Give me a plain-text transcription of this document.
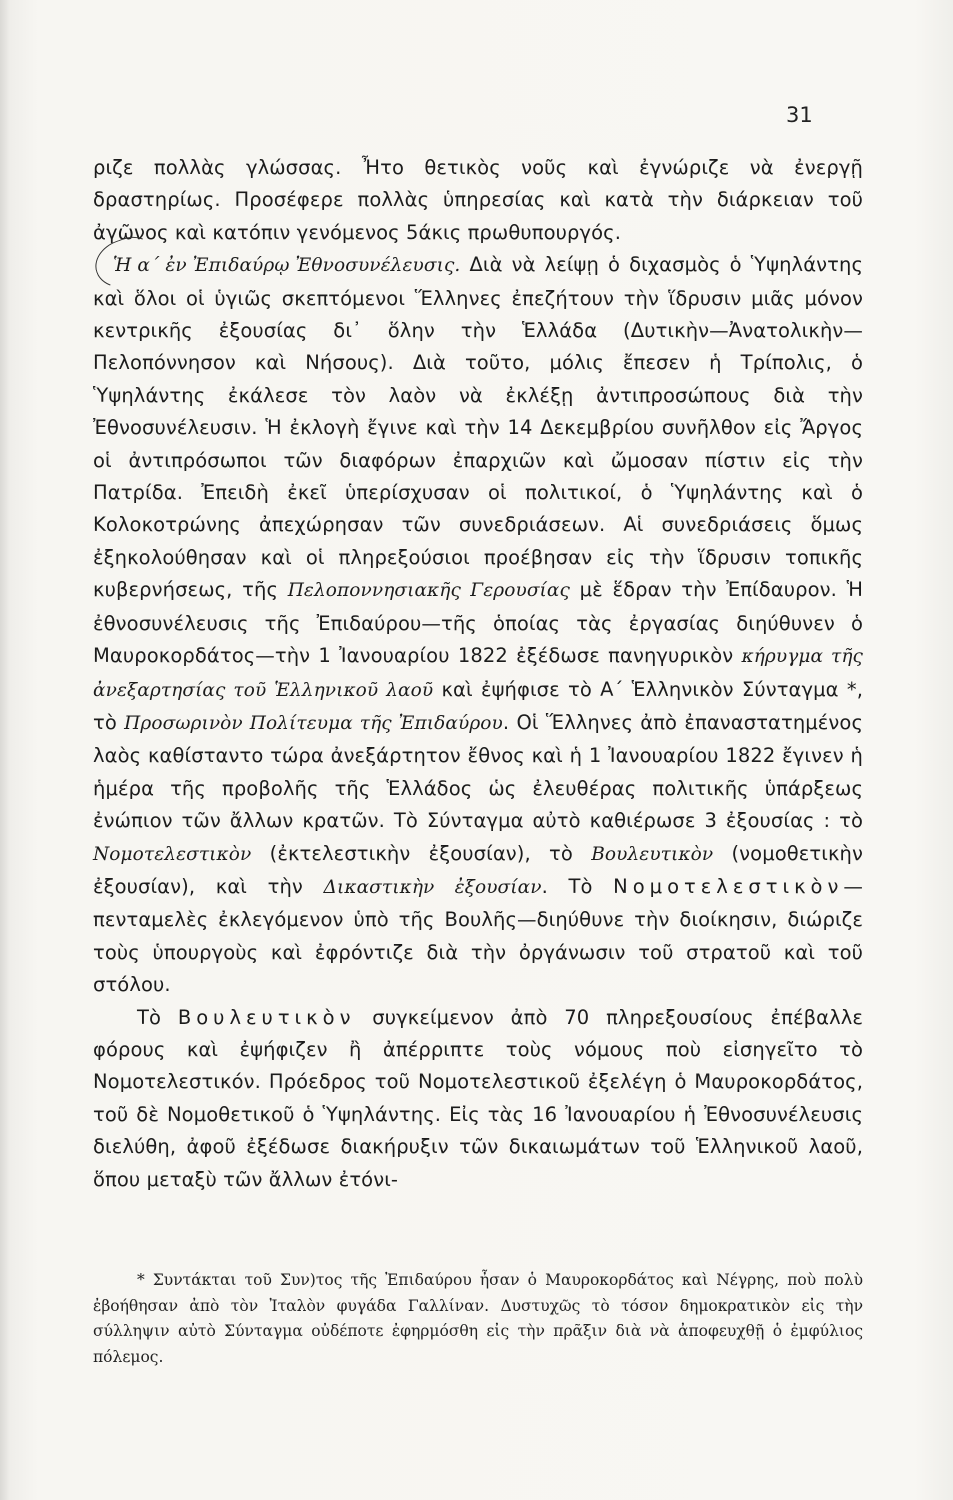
31

ριζε πολλὰς γλώσσας. Ἦτο θετικὸς νοῦς καὶ ἐγνώριζε νὰ ἐνεργῇ δραστηρίως. Προσέφερε πολλὰς ὑπηρεσίας καὶ κατὰ τὴν διάρκειαν τοῦ ἀγῶνος καὶ κατόπιν γενόμενος 5άκις πρωθυπουργός.

Ἡ α΄ ἐν Ἐπιδαύρῳ Ἐθνοσυνέλευσις. Διὰ νὰ λείψῃ ὁ διχασμὸς ὁ Ὑψηλάντης καὶ ὅλοι οἱ ὑγιῶς σκεπτόμενοι Ἕλληνες ἐπεζήτουν τὴν ἵδρυσιν μιᾶς μόνον κεντρικῆς ἐξουσίας δι᾽ ὅλην τὴν Ἑλλάδα (Δυτικὴν—Ἀνατολικὴν—Πελοπόννησον καὶ Νήσους). Διὰ τοῦτο, μόλις ἔπεσεν ἡ Τρίπολις, ὁ Ὑψηλάντης ἐκάλεσε τὸν λαὸν νὰ ἐκλέξῃ ἀντιπροσώπους διὰ τὴν Ἐθνοσυνέλευσιν. Ἡ ἐκλογὴ ἔγινε καὶ τὴν 14 Δεκεμβρίου συνῆλθον εἰς Ἄργος οἱ ἀντιπρόσωποι τῶν διαφόρων ἐπαρχιῶν καὶ ὤμοσαν πίστιν εἰς τὴν Πατρίδα. Ἐπειδὴ ἐκεῖ ὑπερίσχυσαν οἱ πολιτικοί, ὁ Ὑψηλάντης καὶ ὁ Κολοκοτρώνης ἀπεχώρησαν τῶν συνεδριάσεων. Αἱ συνεδριάσεις ὅμως ἐξηκολούθησαν καὶ οἱ πληρεξούσιοι προέβησαν εἰς τὴν ἵδρυσιν τοπικῆς κυβερνήσεως, τῆς Πελοποννησιακῆς Γερουσίας μὲ ἕδραν τὴν Ἐπίδαυρον. Ἡ ἐθνοσυνέλευσις τῆς Ἐπιδαύρου—τῆς ὁποίας τὰς ἐργασίας διηύθυνεν ὁ Μαυροκορδάτος—τὴν 1 Ἰανουαρίου 1822 ἐξέδωσε πανηγυρικὸν κήρυγμα τῆς ἀνεξαρτησίας τοῦ Ἑλληνικοῦ λαοῦ καὶ ἐψήφισε τὸ Α΄ Ἑλληνικὸν Σύνταγμα *, τὸ Προσωρινὸν Πολίτευμα τῆς Ἐπιδαύρου. Οἱ Ἕλληνες ἀπὸ ἐπαναστατημένος λαὸς καθίσταντο τώρα ἀνεξάρτητον ἔθνος καὶ ἡ 1 Ἰανουαρίου 1822 ἔγινεν ἡ ἡμέρα τῆς προβολῆς τῆς Ἑλλάδος ὡς ἐλευθέρας πολιτικῆς ὑπάρξεως ἐνώπιον τῶν ἄλλων κρατῶν. Τὸ Σύνταγμα αὐτὸ καθιέρωσε 3 ἐξουσίας : τὸ Νομοτελεστικὸν (ἐκτελεστικὴν ἐξουσίαν), τὸ Βουλευτικὸν (νομοθετικὴν ἐξουσίαν), καὶ τὴν Δικαστικὴν ἐξουσίαν. Τὸ Νομοτελεστικὸν—πενταμελὲς ἐκλεγόμενον ὑπὸ τῆς Βουλῆς—διηύθυνε τὴν διοίκησιν, διώριζε τοὺς ὑπουργοὺς καὶ ἐφρόντιζε διὰ τὴν ὀργάνωσιν τοῦ στρατοῦ καὶ τοῦ στόλου.

Τὸ Βουλευτικὸν συγκείμενον ἀπὸ 70 πληρεξουσίους ἐπέβαλλε φόρους καὶ ἐψήφιζεν ἢ ἀπέρριπτε τοὺς νόμους ποὺ εἰσηγεῖτο τὸ Νομοτελεστικόν. Πρόεδρος τοῦ Νομοτελεστικοῦ ἐξελέγη ὁ Μαυροκορδάτος, τοῦ δὲ Νομοθετικοῦ ὁ Ὑψηλάντης. Εἰς τὰς 16 Ἰανουαρίου ἡ Ἐθνοσυνέλευσις διελύθη, ἀφοῦ ἐξέδωσε διακήρυξιν τῶν δικαιωμάτων τοῦ Ἑλληνικοῦ λαοῦ, ὅπου μεταξὺ τῶν ἄλλων ἐτόνι-

* Συντάκται τοῦ Συν)τος τῆς Ἐπιδαύρου ἦσαν ὁ Μαυροκορδάτος καὶ Νέγρης, ποὺ πολὺ ἐβοήθησαν ἀπὸ τὸν Ἰταλὸν φυγάδα Γαλλίναν. Δυστυχῶς τὸ τόσον δημοκρατικὸν εἰς τὴν σύλληψιν αὐτὸ Σύνταγμα οὐδέποτε ἐφηρμόσθη εἰς τὴν πρᾶξιν διὰ νὰ ἀποφευχθῇ ὁ ἐμφύλιος πόλεμος.
